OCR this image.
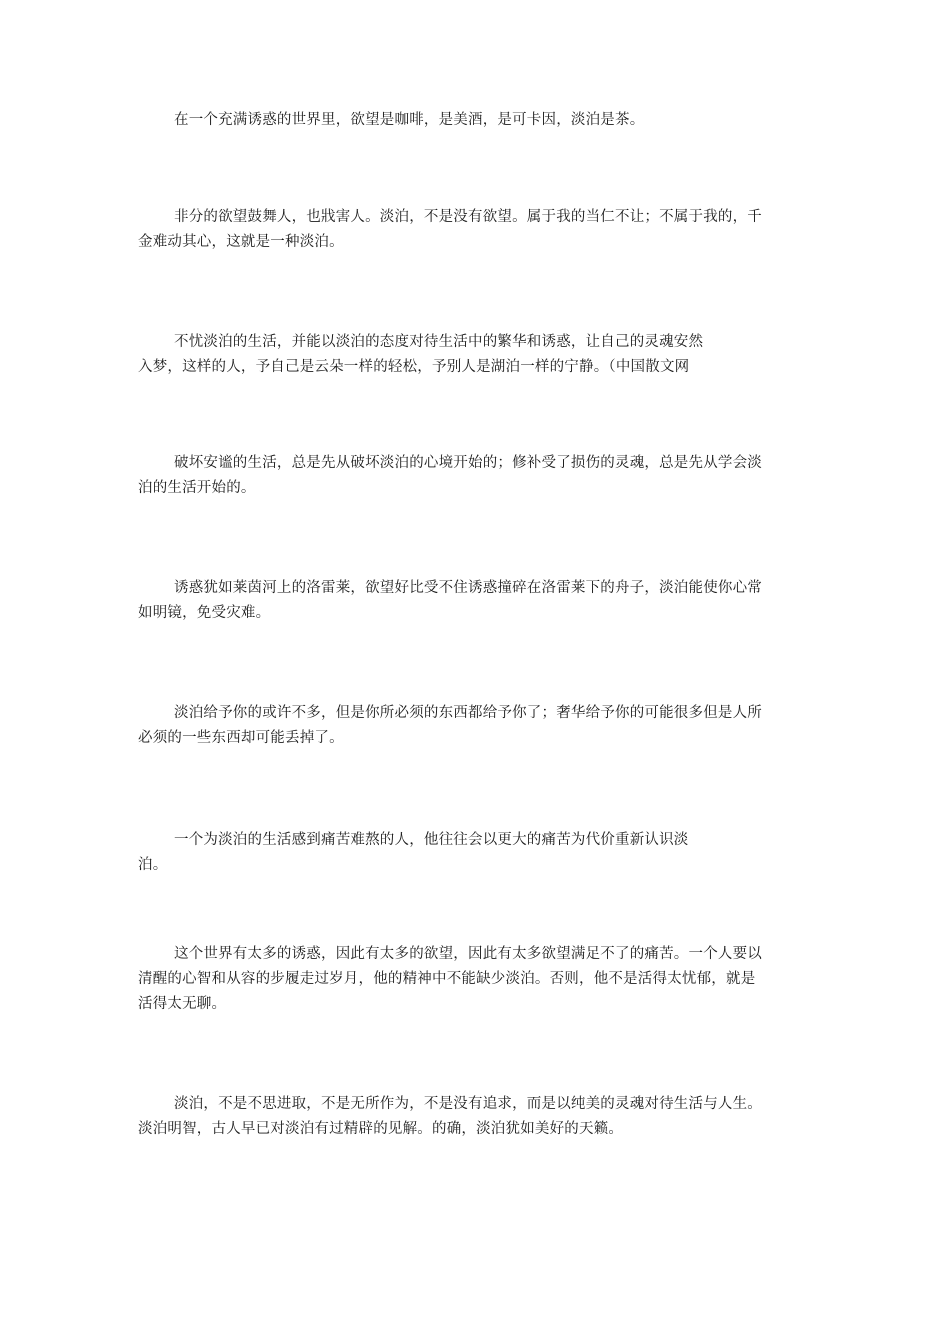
在一个充满诱惑的世界里，欲望是咖啡，是美酒，是可卡因，淡泊是茶。

非分的欲望鼓舞人，也戕害人。淡泊，不是没有欲望。属于我的当仁不让；不属于我的，千
金难动其心，这就是一种淡泊。

不忧淡泊的生活，并能以淡泊的态度对待生活中的繁华和诱惑，让自己的灵魂安然
入梦，这样的人，予自己是云朵一样的轻松，予别人是湖泊一样的宁静。（中国散文网

破坏安谧的生活，总是先从破坏淡泊的心境开始的；修补受了损伤的灵魂，总是先从学会淡
泊的生活开始的。

诱惑犹如莱茵河上的洛雷莱，欲望好比受不住诱惑撞碎在洛雷莱下的舟子，淡泊能使你心常
如明镜，免受灾难。

淡泊给予你的或许不多，但是你所必须的东西都给予你了；奢华给予你的可能很多但是人所
必须的一些东西却可能丢掉了。

一个为淡泊的生活感到痛苦难熬的人，他往往会以更大的痛苦为代价重新认识淡
泊。

这个世界有太多的诱惑，因此有太多的欲望，因此有太多欲望满足不了的痛苦。一个人要以
清醒的心智和从容的步履走过岁月，他的精神中不能缺少淡泊。否则，他不是活得太忧郁，就是
活得太无聊。

淡泊，不是不思进取，不是无所作为，不是没有追求，而是以纯美的灵魂对待生活与人生。
淡泊明智，古人早已对淡泊有过精辟的见解。的确，淡泊犹如美好的天籁。
